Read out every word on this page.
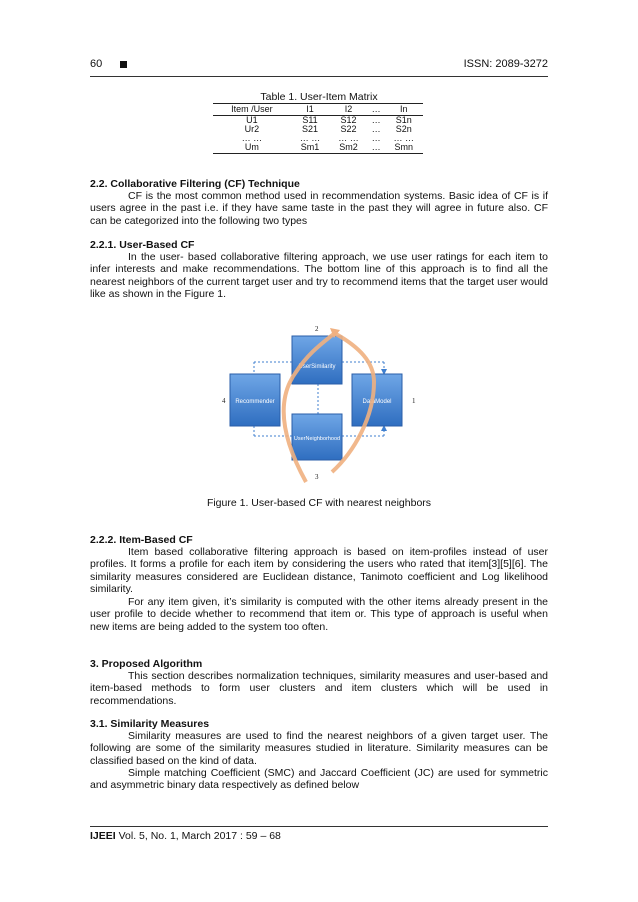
60	ISSN: 2089-3272
Table 1. User-Item Matrix
Item /User	I1	I2	…	In
U1	S11	S12	…	S1n
Ur2	S21	S22	…	S2n
… …	… …	… …	…	… …
Um	Sm1	Sm2	…	Smn
2.2. Collaborative Filtering (CF) Technique
CF is the most common method used in recommendation systems. Basic idea of CF is if users agree in the past i.e. if they have same taste in the past they will agree in future also. CF can be categorized into the following two types
2.2.1. User-Based CF
In the user- based collaborative filtering approach, we use user ratings for each item to infer interests and make recommendations. The bottom line of this approach is to find all the nearest neighbors of the current target user and try to recommend items that the target user would like as shown in the Figure 1.
UserSimilarity
Recommender	DataModel
UserNeighborhood
2
4	1
3
Figure 1. User-based CF with nearest neighbors
2.2.2. Item-Based CF
Item based collaborative filtering approach is based on item-profiles instead of user profiles. It forms a profile for each item by considering the users who rated that item[3][5][6]. The similarity measures considered are Euclidean distance, Tanimoto coefficient and Log likelihood similarity.
For any item given, it’s similarity is computed with the other items already present in the user profile to decide whether to recommend that item or. This type of approach is useful when new items are being added to the system too often.
3. Proposed Algorithm
This section describes normalization techniques, similarity measures and user-based and item-based methods to form user clusters and item clusters which will be used in recommendations.
3.1. Similarity Measures
Similarity measures are used to find the nearest neighbors of a given target user. The following are some of the similarity measures studied in literature. Similarity measures can be classified based on the kind of data.
Simple matching Coefficient (SMC) and Jaccard Coefficient (JC) are used for symmetric and asymmetric binary data respectively as defined below
IJEEI Vol. 5, No. 1, March 2017 : 59 – 68
